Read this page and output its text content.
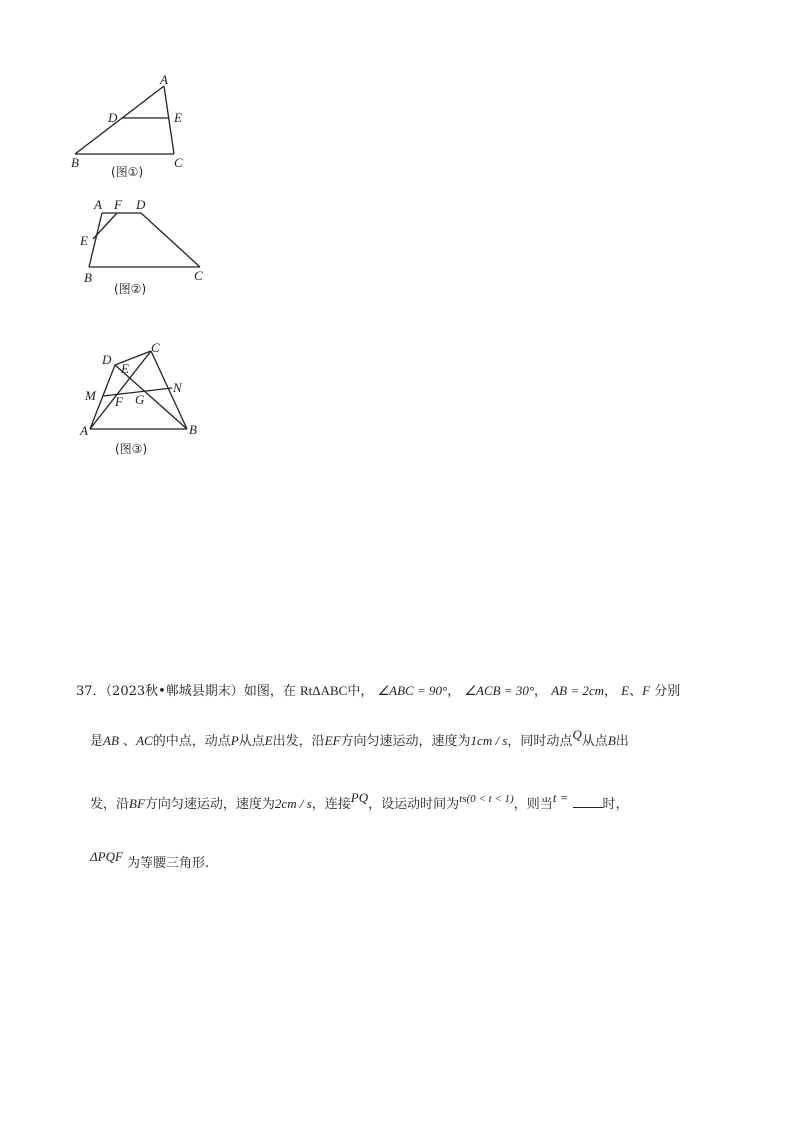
A
D	E
B	C
(图①)
A F D
E
B	C
(图②)
C
D
E
N
M F G
A	B
(图③)
37．（2023秋•郸城县期末）如图，在 RtΔABC中， ∠ABC = 90°， ∠ACB = 30°， AB = 2cm， E、F 分别
是AB 、AC的中点，动点P从点E出发，沿EF方向匀速运动，速度为1cm / s，同时动点Q从点B出
发，沿BF方向匀速运动，速度为2cm / s，连接PQ，设运动时间为$^{ts(0 < t < 1)}$，则当t =	时，
ΔPQF 为等腰三角形.
